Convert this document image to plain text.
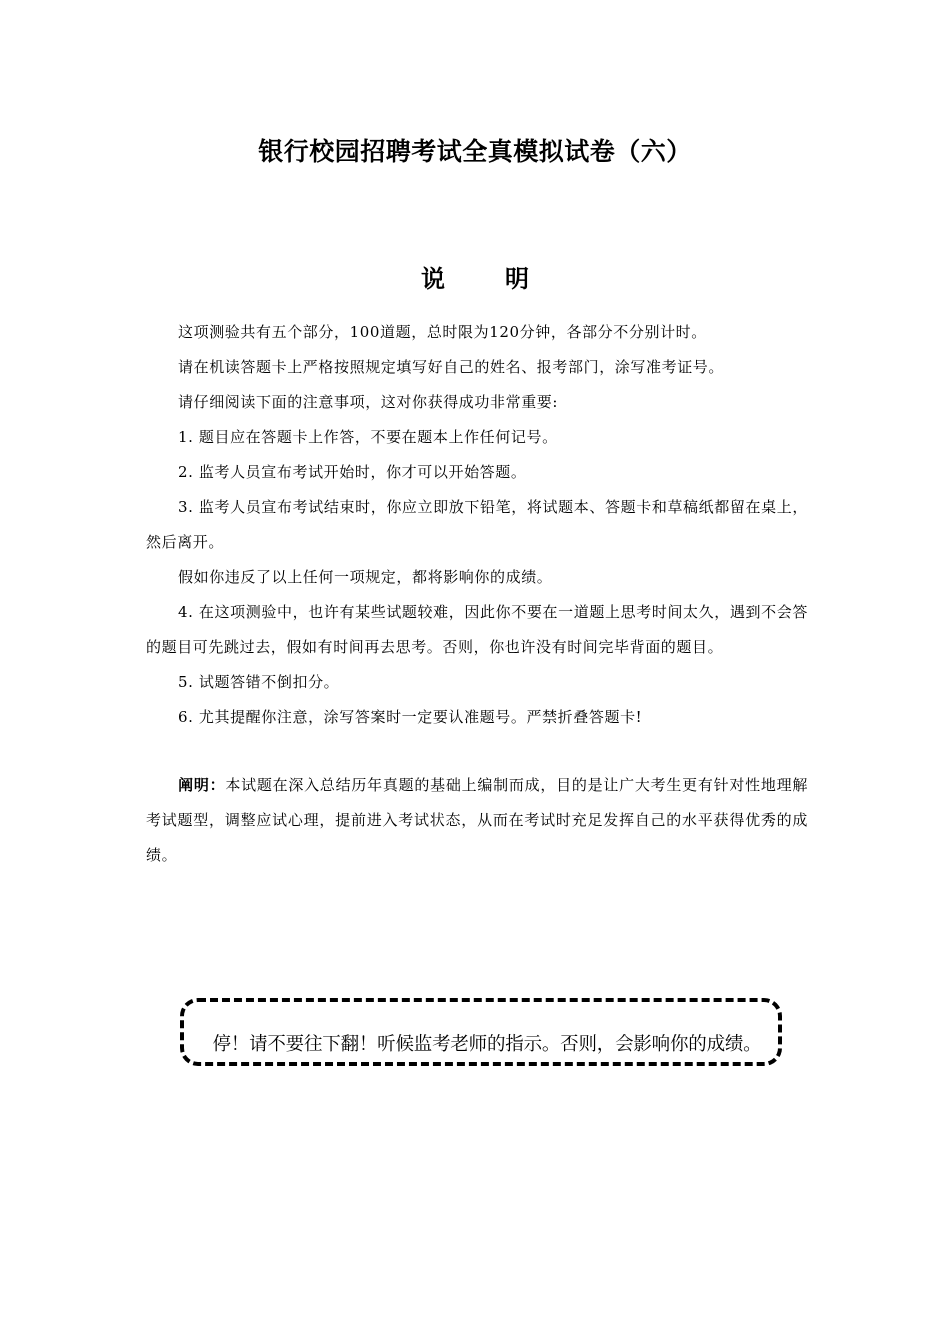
银行校园招聘考试全真模拟试卷（六）
说	明

这项测验共有五个部分，100道题，总时限为120分钟，各部分不分别计时。

请在机读答题卡上严格按照规定填写好自己的姓名、报考部门，涂写准考证号。

请仔细阅读下面的注意事项，这对你获得成功非常重要:

1. 题目应在答题卡上作答，不要在题本上作任何记号。

2. 监考人员宣布考试开始时，你才可以开始答题。

3. 监考人员宣布考试结束时，你应立即放下铅笔，将试题本、答题卡和草稿纸都留在桌上，然后离开。

假如你违反了以上任何一项规定，都将影响你的成绩。

4. 在这项测验中，也许有某些试题较难，因此你不要在一道题上思考时间太久，遇到不会答的题目可先跳过去，假如有时间再去思考。否则，你也许没有时间完毕背面的题目。

5. 试题答错不倒扣分。

6. 尤其提醒你注意，涂写答案时一定要认准题号。严禁折叠答题卡!

阐明：本试题在深入总结历年真题的基础上编制而成，目的是让广大考生更有针对性地理解考试题型，调整应试心理，提前进入考试状态，从而在考试时充足发挥自己的水平获得优秀的成绩。
停！请不要往下翻！听候监考老师的指示。否则，会影响你的成绩。
